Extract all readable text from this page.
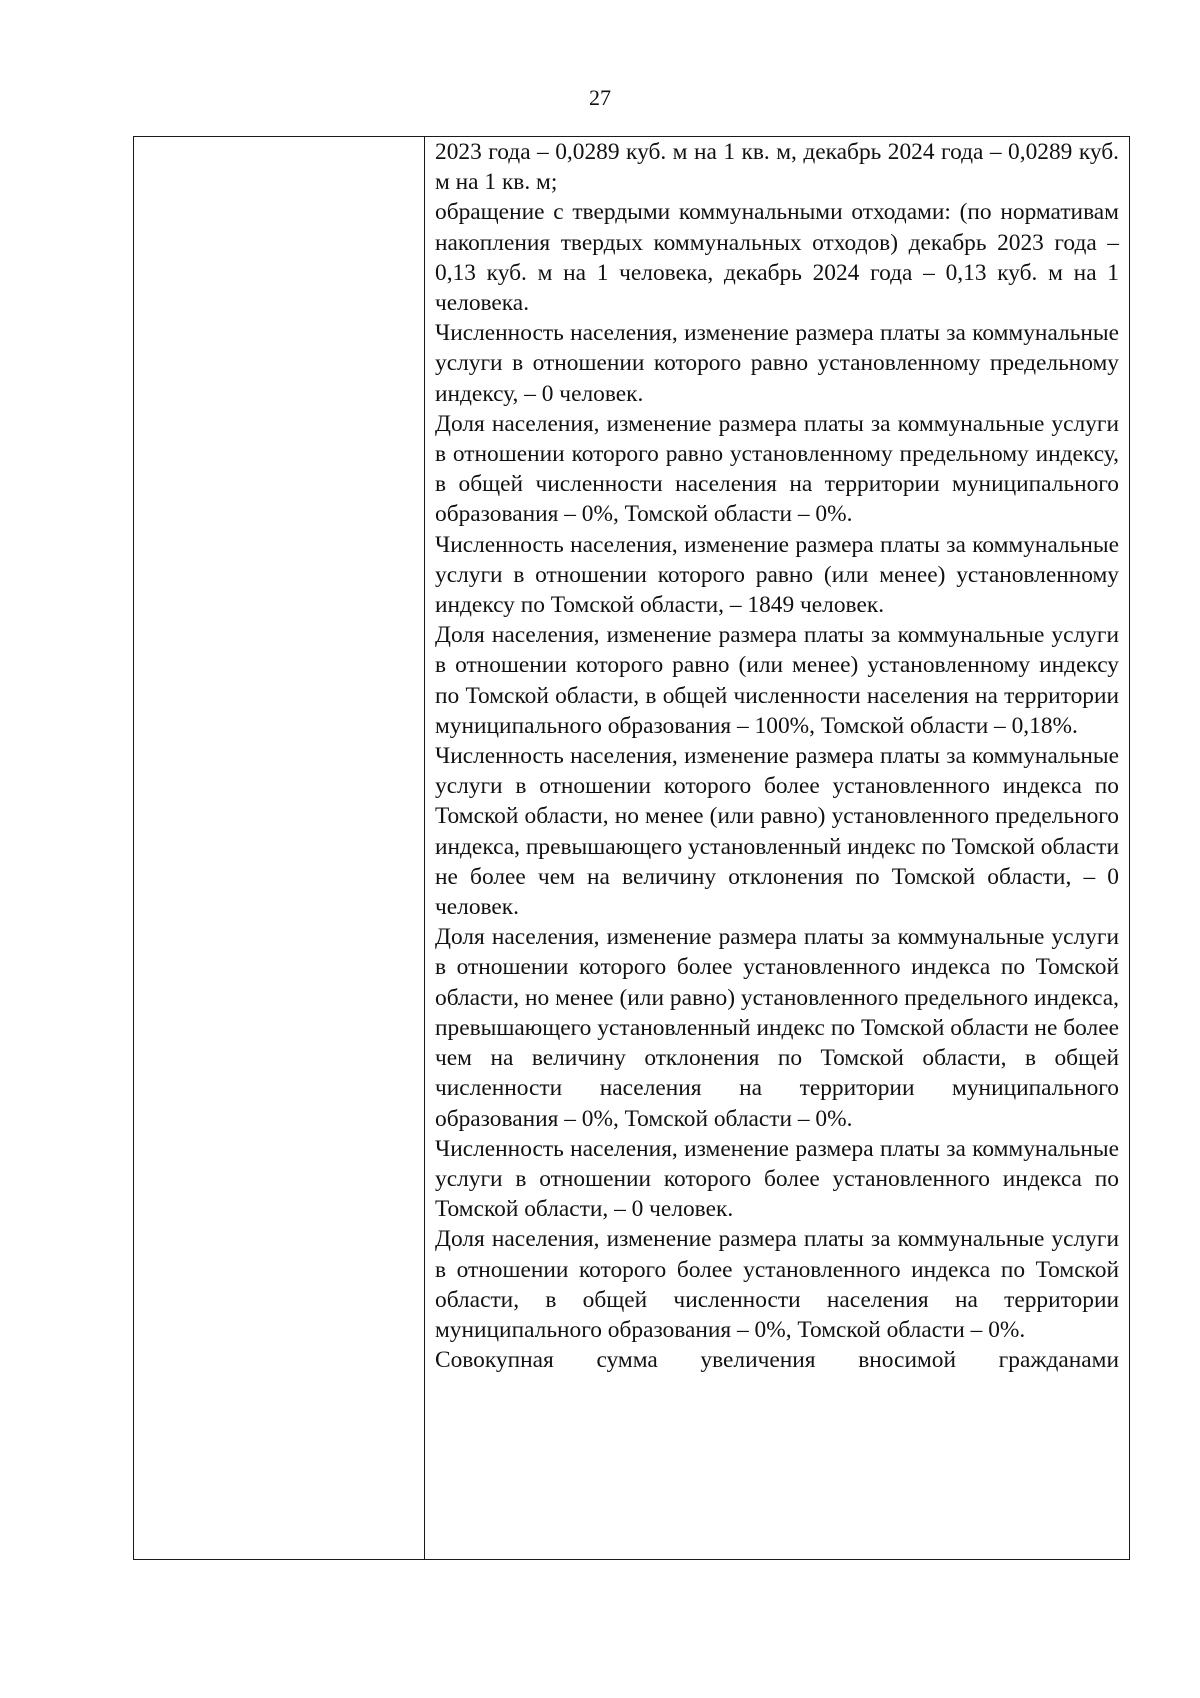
27

2023 года – 0,0289 куб. м на 1 кв. м, декабрь 2024 года – 0,0289 куб. м на 1 кв. м;

обращение с твердыми коммунальными отходами: (по нормативам накопления твердых коммунальных отходов) декабрь 2023 года – 0,13 куб. м на 1 человека, декабрь 2024 года – 0,13 куб. м на 1 человека.

Численность населения, изменение размера платы за коммунальные услуги в отношении которого равно установленному предельному индексу, – 0 человек.

Доля населения, изменение размера платы за коммунальные услуги в отношении которого равно установленному предельному индексу, в общей численности населения на территории муниципального образования – 0%, Томской области – 0%.

Численность населения, изменение размера платы за коммунальные услуги в отношении которого равно (или менее) установленному индексу по Томской области, – 1849 человек.

Доля населения, изменение размера платы за коммунальные услуги в отношении которого равно (или менее) установленному индексу по Томской области, в общей численности населения на территории муниципального образования – 100%, Томской области – 0,18%.

Численность населения, изменение размера платы за коммунальные услуги в отношении которого более установленного индекса по Томской области, но менее (или равно) установленного предельного индекса, превышающего установленный индекс по Томской области не более чем на величину отклонения по Томской области, – 0 человек.

Доля населения, изменение размера платы за коммунальные услуги в отношении которого более установленного индекса по Томской области, но менее (или равно) установленного предельного индекса, превышающего установленный индекс по Томской области не более чем на величину отклонения по Томской области, в общей численности населения на территории муниципального образования – 0%, Томской области – 0%.

Численность населения, изменение размера платы за коммунальные услуги в отношении которого более установленного индекса по Томской области, – 0 человек.

Доля населения, изменение размера платы за коммунальные услуги в отношении которого более установленного индекса по Томской области, в общей численности населения на территории муниципального образования – 0%, Томской области – 0%.

Совокупная сумма увеличения вносимой гражданами
